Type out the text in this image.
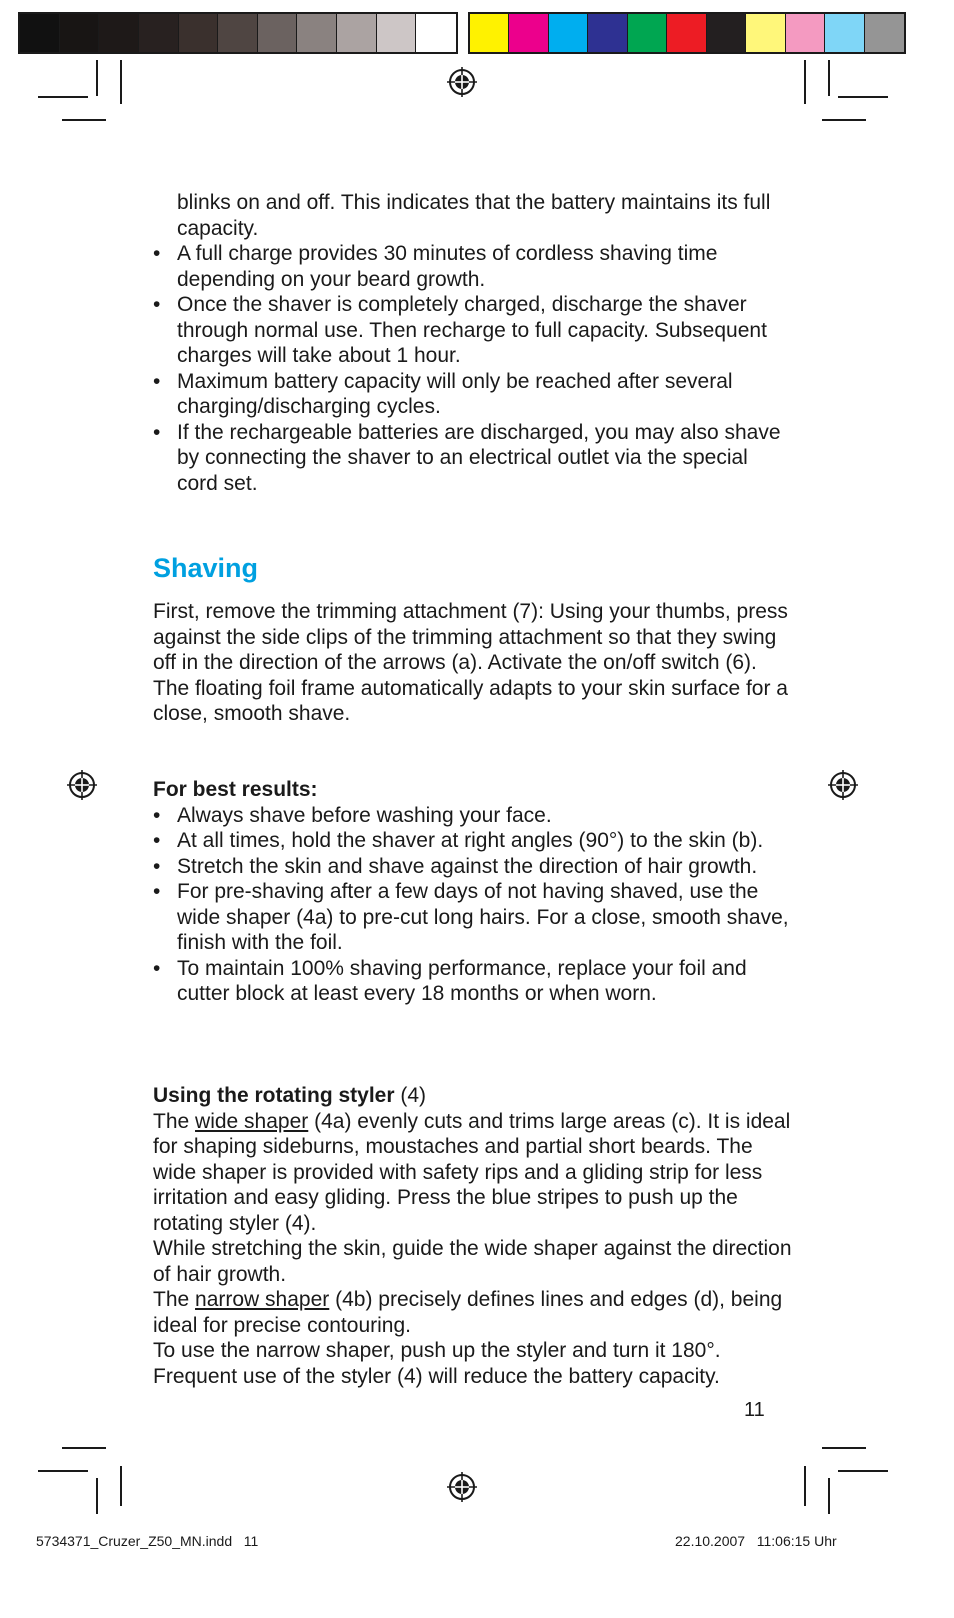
blinks on and off. This indicates that the battery maintains its full capacity.

• A full charge provides 30 minutes of cordless shaving time depending on your beard growth.
• Once the shaver is completely charged, discharge the shaver through normal use. Then recharge to full capacity. Subsequent charges will take about 1 hour.
• Maximum battery capacity will only be reached after several charging/discharging cycles.
• If the rechargeable batteries are discharged, you may also shave by connecting the shaver to an electrical outlet via the special cord set.
Shaving

First, remove the trimming attachment (7): Using your thumbs, press against the side clips of the trimming attachment so that they swing off in the direction of the arrows (a). Activate the on/off switch (6). The floating foil frame automatically adapts to your skin surface for a close, smooth shave.

For best results:

• Always shave before washing your face.
• At all times, hold the shaver at right angles (90°) to the skin (b).
• Stretch the skin and shave against the direction of hair growth.
• For pre-shaving after a few days of not having shaved, use the wide shaper (4a) to pre-cut long hairs. For a close, smooth shave, finish with the foil.
• To maintain 100% shaving performance, replace your foil and cutter block at least every 18 months or when worn.

Using the rotating styler (4)

The wide shaper (4a) evenly cuts and trims large areas (c). It is ideal for shaping sideburns, moustaches and partial short beards. The wide shaper is provided with safety rips and a gliding strip for less irritation and easy gliding. Press the blue stripes to push up the rotating styler (4).

While stretching the skin, guide the wide shaper against the direction of hair growth.

The narrow shaper (4b) precisely defines lines and edges (d), being ideal for precise contouring.

To use the narrow shaper, push up the styler and turn it 180°. Frequent use of the styler (4) will reduce the battery capacity.

11
5734371_Cruzer_Z50_MN.indd   11	22.10.2007   11:06:15 Uhr
